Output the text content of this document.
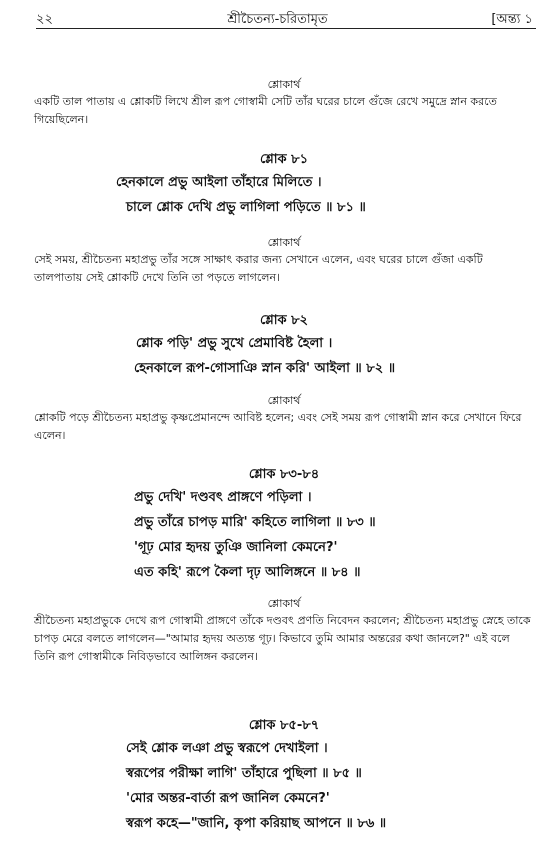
২২	শ্রীচৈতন্য-চরিতামৃত	[অন্ত্য ১
শ্লোকার্থ
একটি তাল পাতায় এ শ্লোকটি লিখে শ্রীল রূপ গোস্বামী সেটি তাঁর ঘরের চালে গুঁজে রেখে সমুদ্রে স্নান করতে গিয়েছিলেন।
শ্লোক ৮১
হেনকালে প্রভু আইলা তাঁহারে মিলিতে ।
চালে শ্লোক দেখি প্রভু লাগিলা পড়িতে ॥ ৮১ ॥
শ্লোকার্থ
সেই সময়, শ্রীচৈতন্য মহাপ্রভু তাঁর সঙ্গে সাক্ষাৎ করার জন্য সেখানে এলেন, এবং ঘরের চালে গুঁজা একটি তালপাতায় সেই শ্লোকটি দেখে তিনি তা পড়তে লাগলেন।
শ্লোক ৮২
শ্লোক পড়ি' প্রভু সুখে প্রেমাবিষ্ট হৈলা ।
হেনকালে রূপ-গোসাঞি স্নান করি' আইলা ॥ ৮২ ॥
শ্লোকার্থ
শ্লোকটি পড়ে শ্রীচৈতন্য মহাপ্রভু কৃষ্ণপ্রেমানন্দে আবিষ্ট হলেন; এবং সেই সময় রূপ গোস্বামী স্নান করে সেখানে ফিরে এলেন।
শ্লোক ৮৩-৮৪
প্রভু দেখি' দণ্ডবৎ প্রাঙ্গণে পড়িলা ।
প্রভু তাঁরে চাপড় মারি' কহিতে লাগিলা ॥ ৮৩ ॥
'গূঢ় মোর হৃদয় তুঞি জানিলা কেমনে?'
এত কহি' রূপে কৈলা দৃঢ় আলিঙ্গনে ॥ ৮৪ ॥
শ্লোকার্থ
শ্রীচৈতন্য মহাপ্রভুকে দেখে রূপ গোস্বামী প্রাঙ্গণে তাঁকে দণ্ডবৎ প্রণতি নিবেদন করলেন; শ্রীচৈতন্য মহাপ্রভু স্নেহে তাকে চাপড় মেরে বলতে লাগলেন—"আমার হৃদয় অত্যন্ত গূঢ়। কিভাবে তুমি আমার অন্তরের কথা জানলে?" এই বলে তিনি রূপ গোস্বামীকে নিবিড়ভাবে আলিঙ্গন করলেন।
শ্লোক ৮৫-৮৭
সেই শ্লোক লঞা প্রভু স্বরূপে দেখাইলা ।
স্বরূপের পরীক্ষা লাগি' তাঁহারে পুছিলা ॥ ৮৫ ॥
'মোর অন্তর-বার্তা রূপ জানিল কেমনে?'
স্বরূপ কহে—"জানি, কৃপা করিয়াছ আপনে ॥ ৮৬ ॥
